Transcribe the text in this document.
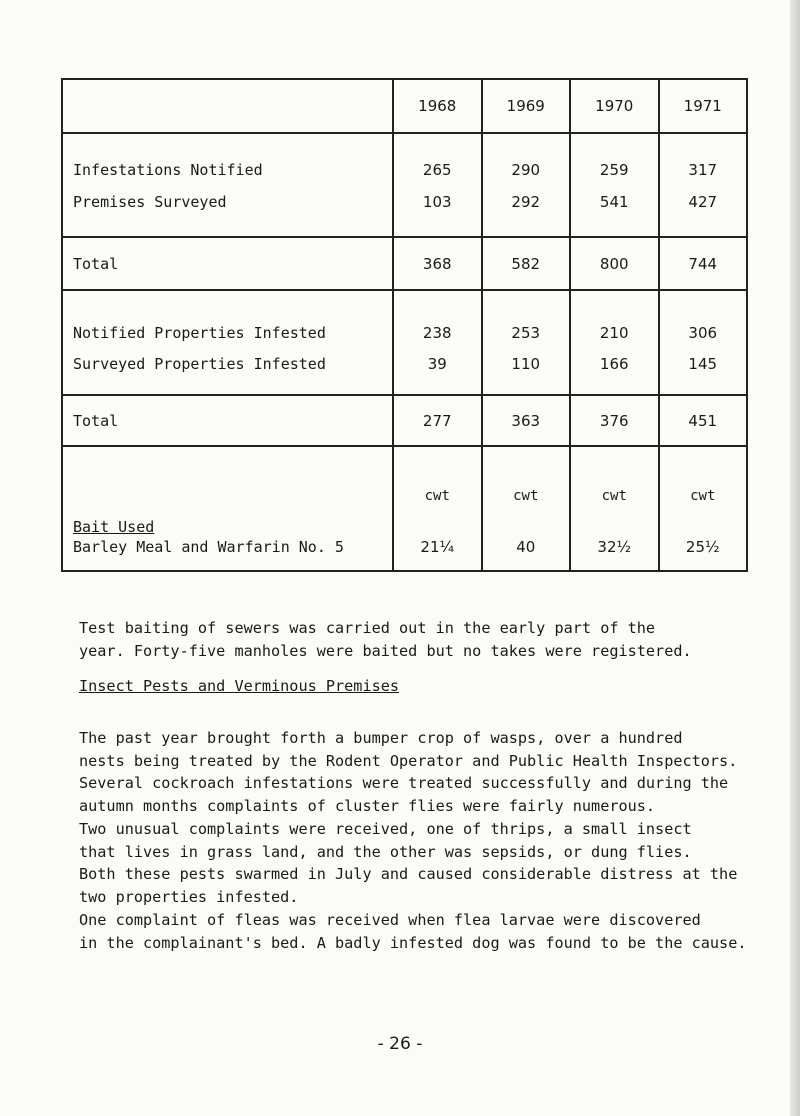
	1968	1969	1970	1971
Infestations Notified	265	290	259	317
Premises Surveyed	103	292	541	427
Total	368	582	800	744
Notified Properties Infested	238	253	210	306
Surveyed Properties Infested	39	110	166	145
Total	277	363	376	451
Bait Used	cwt	cwt	cwt	cwt
Barley Meal and Warfarin No. 5	21¼	40	32½	25½

Test baiting of sewers was carried out in the early part of the
year. Forty-five manholes were baited but no takes were registered.

Insect Pests and Verminous Premises

The past year brought forth a bumper crop of wasps, over a hundred
nests being treated by the Rodent Operator and Public Health Inspectors.
Several cockroach infestations were treated successfully and during the
autumn months complaints of cluster flies were fairly numerous.

Two unusual complaints were received, one of thrips, a small insect
that lives in grass land, and the other was sepsids, or dung flies.
Both these pests swarmed in July and caused considerable distress at the
two properties infested.

One complaint of fleas was received when flea larvae were discovered
in the complainant's bed. A badly infested dog was found to be the cause.

- 26 -
